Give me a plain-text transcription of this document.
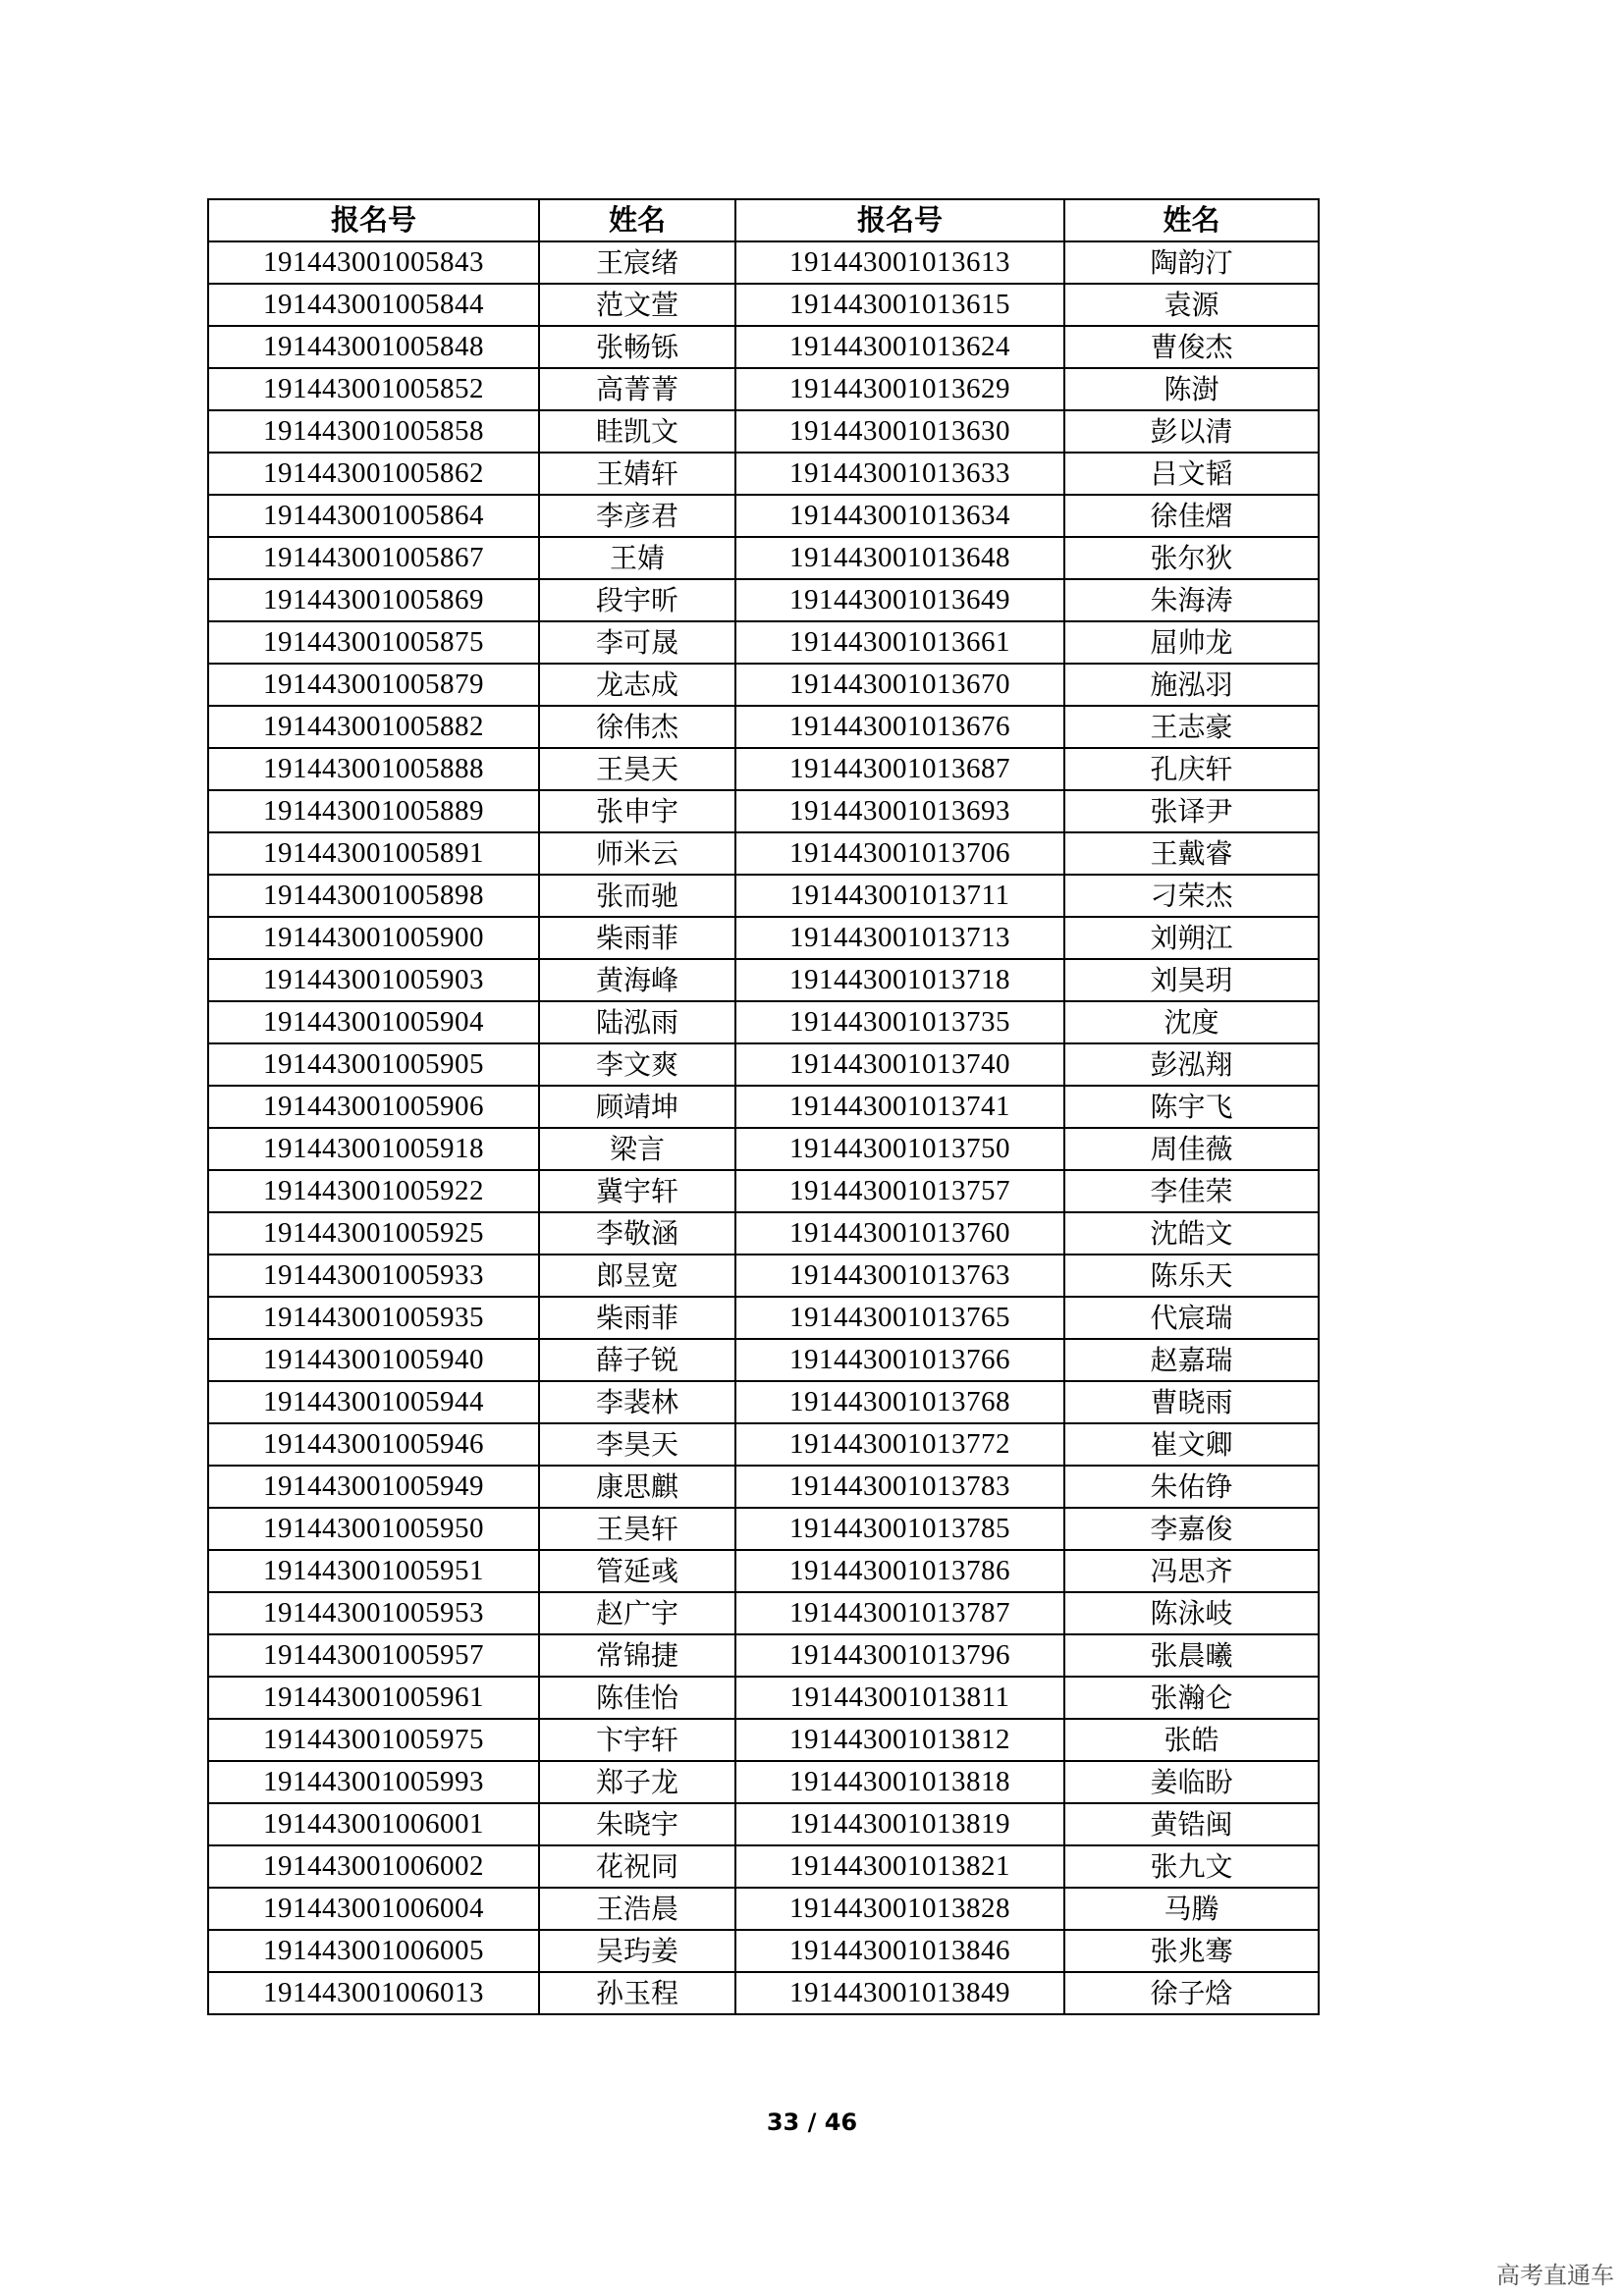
报名号	姓名	报名号	姓名
191443001005843	王宸绪	191443001013613	陶韵汀
191443001005844	范文萱	191443001013615	袁源
191443001005848	张畅铄	191443001013624	曹俊杰
191443001005852	高菁菁	191443001013629	陈澍
191443001005858	眭凯文	191443001013630	彭以清
191443001005862	王婧轩	191443001013633	吕文韬
191443001005864	李彦君	191443001013634	徐佳熠
191443001005867	王婧	191443001013648	张尔狄
191443001005869	段宇昕	191443001013649	朱海涛
191443001005875	李可晟	191443001013661	屈帅龙
191443001005879	龙志成	191443001013670	施泓羽
191443001005882	徐伟杰	191443001013676	王志豪
191443001005888	王昊天	191443001013687	孔庆轩
191443001005889	张申宇	191443001013693	张译尹
191443001005891	师米云	191443001013706	王戴睿
191443001005898	张而驰	191443001013711	刁荣杰
191443001005900	柴雨菲	191443001013713	刘朔江
191443001005903	黄海峰	191443001013718	刘昊玥
191443001005904	陆泓雨	191443001013735	沈度
191443001005905	李文爽	191443001013740	彭泓翔
191443001005906	顾靖坤	191443001013741	陈宇飞
191443001005918	梁言	191443001013750	周佳薇
191443001005922	冀宇轩	191443001013757	李佳荣
191443001005925	李敬涵	191443001013760	沈皓文
191443001005933	郎昱宽	191443001013763	陈乐天
191443001005935	柴雨菲	191443001013765	代宸瑞
191443001005940	薛子锐	191443001013766	赵嘉瑞
191443001005944	李裴林	191443001013768	曹晓雨
191443001005946	李昊天	191443001013772	崔文卿
191443001005949	康思麒	191443001013783	朱佑铮
191443001005950	王昊轩	191443001013785	李嘉俊
191443001005951	管延彧	191443001013786	冯思齐
191443001005953	赵广宇	191443001013787	陈泳岐
191443001005957	常锦捷	191443001013796	张晨曦
191443001005961	陈佳怡	191443001013811	张瀚仑
191443001005975	卞宇轩	191443001013812	张皓
191443001005993	郑子龙	191443001013818	姜临盼
191443001006001	朱晓宇	191443001013819	黄锆闽
191443001006002	花祝同	191443001013821	张九文
191443001006004	王浩晨	191443001013828	马腾
191443001006005	吴玙姜	191443001013846	张兆骞
191443001006013	孙玉程	191443001013849	徐子焓
33 / 46
高考直通车
